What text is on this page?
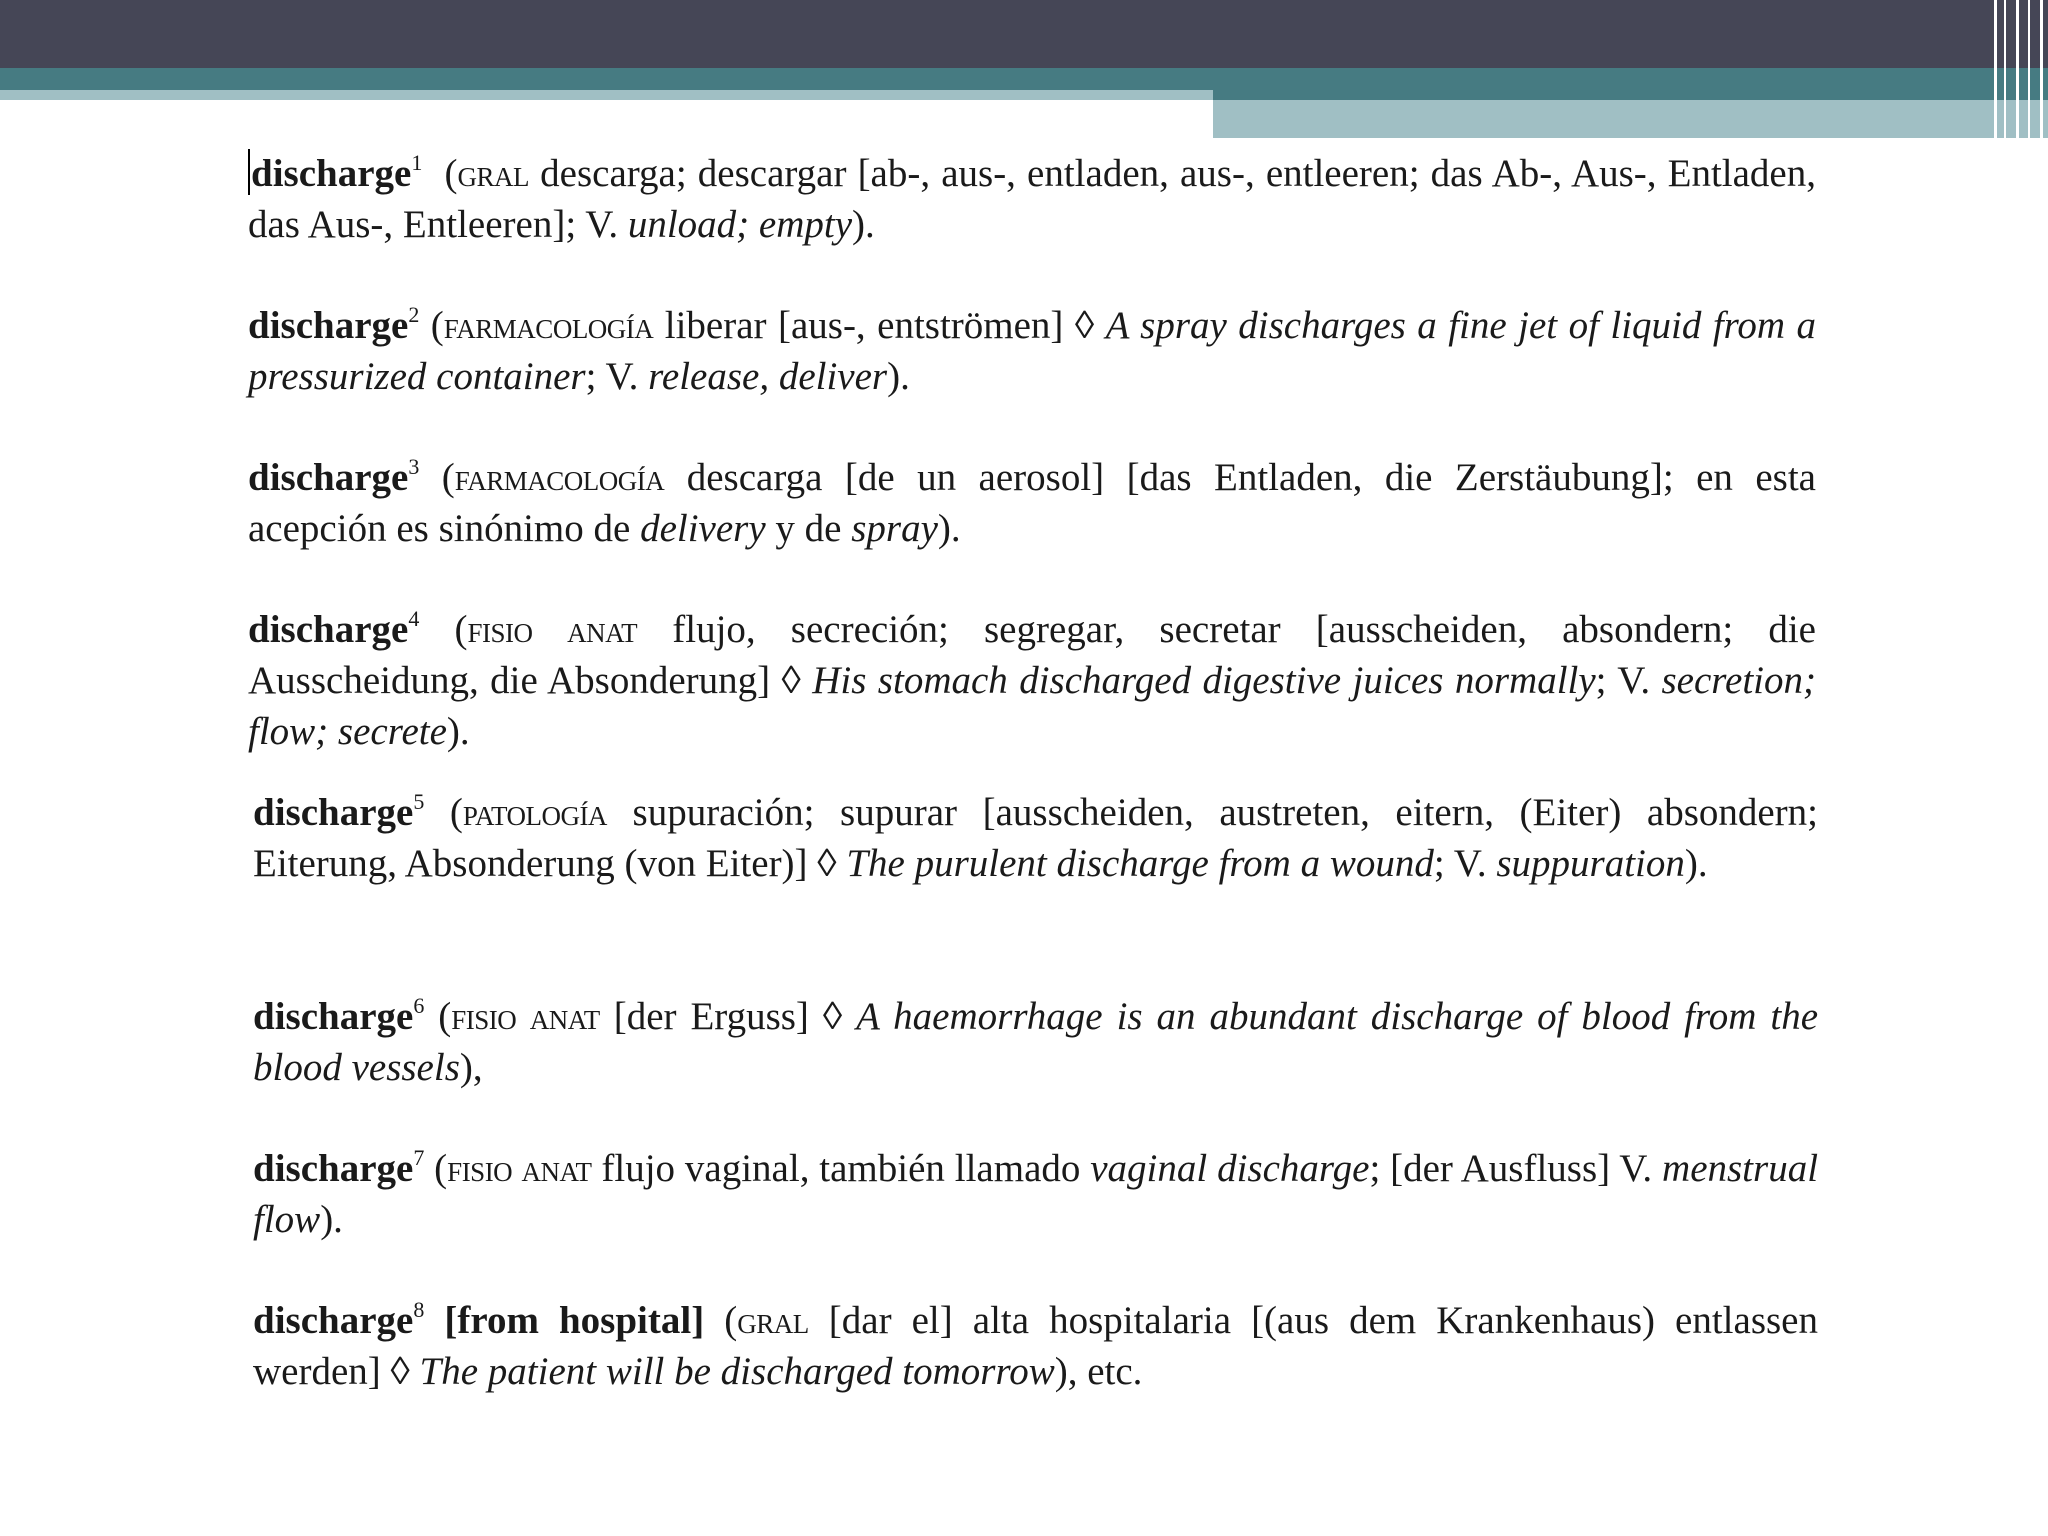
discharge$^1$  (gral descarga; descargar [ab-, aus-, entladen, aus-, entleeren; das Ab-, Aus-, Entladen, das Aus-, Entleeren]; V. unload; empty).
discharge$^2$ (farmacología liberar [aus-, entströmen] ◊ A spray discharges a fine jet of liquid from a pressurized container; V. release, deliver).
discharge$^3$ (farmacología descarga [de un aerosol] [das Entladen, die Zerstäubung]; en esta acepción es sinónimo de delivery y de spray).
discharge$^4$ (fisio anat flujo, secreción; segregar, secretar [ausscheiden, absondern; die Ausscheidung, die Absonderung] ◊ His stomach discharged digestive juices normally; V. secretion; flow; secrete).
discharge$^5$ (patología supuración; supurar [ausscheiden, austreten, eitern, (Eiter) absondern; Eiterung, Absonderung (von Eiter)] ◊ The purulent discharge from a wound; V. suppuration).
discharge$^6$ (fisio anat [der Erguss] ◊ A haemorrhage is an abundant discharge of blood from the blood vessels),
discharge$^7$ (fisio anat flujo vaginal, también llamado vaginal discharge; [der Ausfluss] V. menstrual flow).
discharge$^8$ [from hospital] (gral [dar el] alta hospitalaria [(aus dem Krankenhaus) entlassen werden] ◊ The patient will be discharged tomorrow), etc.
